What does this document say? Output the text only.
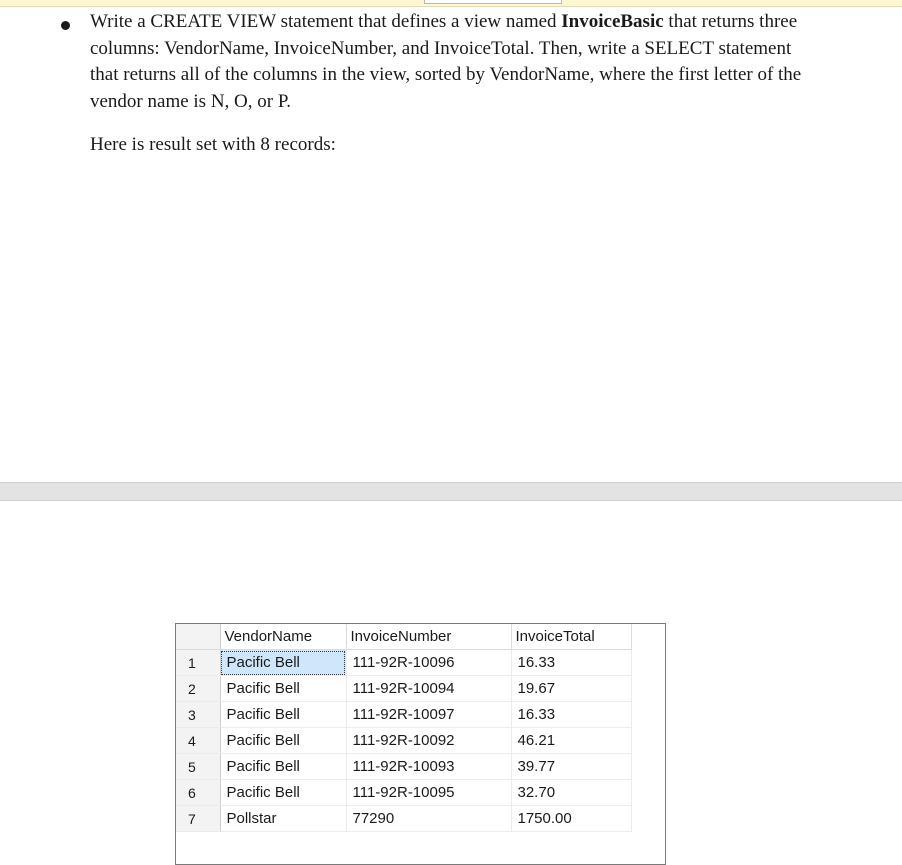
Write a CREATE VIEW statement that defines a view named InvoiceBasic that returns three columns: VendorName, InvoiceNumber, and InvoiceTotal. Then, write a SELECT statement that returns all of the columns in the view, sorted by VendorName, where the first letter of the vendor name is N, O, or P.

Here is result set with 8 records:

	VendorName	InvoiceNumber	InvoiceTotal
1	Pacific Bell	111-92R-10096	16.33
2	Pacific Bell	111-92R-10094	19.67
3	Pacific Bell	111-92R-10097	16.33
4	Pacific Bell	111-92R-10092	46.21
5	Pacific Bell	111-92R-10093	39.77
6	Pacific Bell	111-92R-10095	32.70
7	Pollstar	77290	1750.00
